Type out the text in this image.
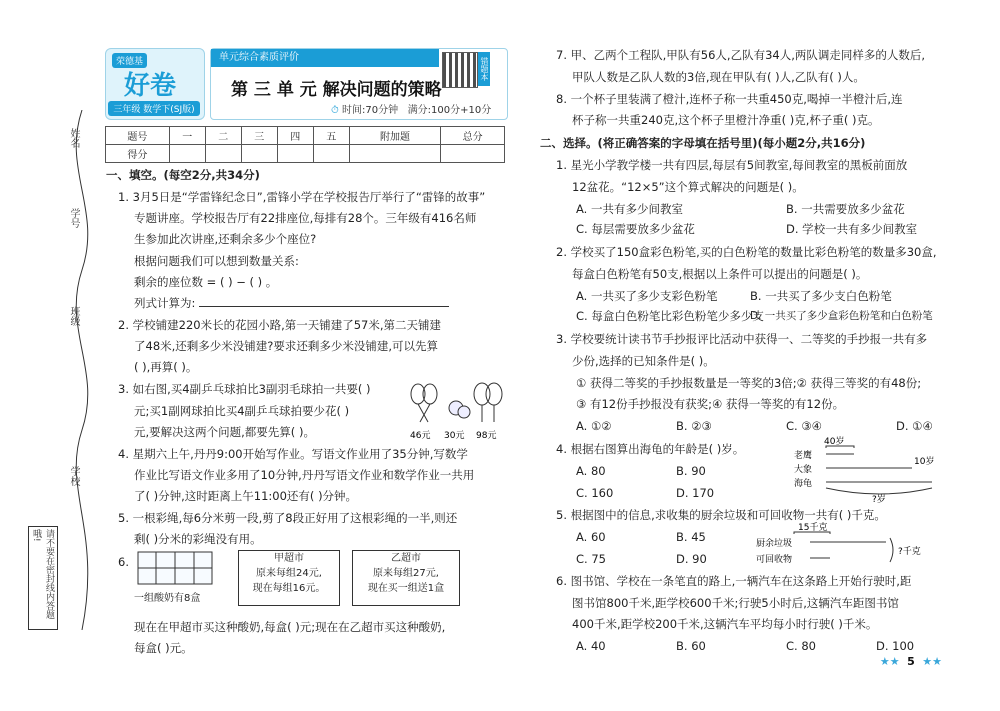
姓名
学号
班级
学校
请不要在密封线内答题哦!
荣德基
好卷
三年级 数学下(SJ版)
单元综合素质评价
第 三 单 元 解决问题的策略
⏱ 时间:70分钟 满分:100分+10分
错题本
题号	一	二	三	四	五	附加题	总分
得分							
一、填空。(每空2分,共34分)
1. 3月5日是“学雷锋纪念日”,雷锋小学在学校报告厅举行了“雷锋的故事”
专题讲座。学校报告厅有22排座位,每排有28个。三年级有416名师
生参加此次讲座,还剩余多少个座位?
根据问题我们可以想到数量关系:
剩余的座位数 = ( ) − ( ) 。
列式计算为:
2. 学校铺建220米长的花园小路,第一天铺建了57米,第二天铺建
了48米,还剩多少米没铺建?要求还剩多少米没铺建,可以先算
( ),再算( )。
3. 如右图,买4副乒乓球拍比3副羽毛球拍一共要( )
元;买1副网球拍比买4副乒乓球拍要少花( )
元,要解决这两个问题,都要先算( )。	46元 30元 98元
4. 星期六上午,丹丹9:00开始写作业。写语文作业用了35分钟,写数学
作业比写语文作业多用了10分钟,丹丹写语文作业和数学作业一共用
了( )分钟,这时距离上午11:00还有( )分钟。
5. 一根彩绳,每6分米剪一段,剪了8段正好用了这根彩绳的一半,则还
剩( )分米的彩绳没有用。
6.
一组酸奶有8盒
甲超市
原来每组24元,
现在每组16元。
乙超市
原来每组27元,
现在买一组送1盒
现在在甲超市买这种酸奶,每盒( )元;现在在乙超市买这种酸奶,
每盒( )元。
7. 甲、乙两个工程队,甲队有56人,乙队有34人,两队调走同样多的人数后,
甲队人数是乙队人数的3倍,现在甲队有( )人,乙队有( )人。
8. 一个杯子里装满了橙汁,连杯子称一共重450克,喝掉一半橙汁后,连
杯子称一共重240克,这个杯子里橙汁净重( )克,杯子重( )克。
二、选择。(将正确答案的字母填在括号里)(每小题2分,共16分)
1. 星光小学教学楼一共有四层,每层有5间教室,每间教室的黑板前面放
12盆花。“12×5”这个算式解决的问题是( )。
A. 一共有多少间教室	B. 一共需要放多少盆花
C. 每层需要放多少盆花	D. 学校一共有多少间教室
2. 学校买了150盒彩色粉笔,买的白色粉笔的数量比彩色粉笔的数量多30盒,
每盒白色粉笔有50支,根据以上条件可以提出的问题是( )。
A. 一共买了多少支彩色粉笔	B. 一共买了多少支白色粉笔
C. 每盒白色粉笔比彩色粉笔少多少支
D. 一共买了多少盒彩色粉笔和白色粉笔
3. 学校要统计读书节手抄报评比活动中获得一、二等奖的手抄报一共有多
少份,选择的已知条件是( )。
① 获得二等奖的手抄报数量是一等奖的3倍;② 获得三等奖的有48份;
③ 有12份手抄报没有获奖;④ 获得一等奖的有12份。
A. ①②	B. ②③	C. ③④	D. ①④
4. 根据右图算出海龟的年龄是( )岁。
A. 80	B. 90
C. 160	D. 170
40岁
老鹰
大象
海龟
10岁
?岁
5. 根据图中的信息,求收集的厨余垃圾和可回收物一共有( )千克。
A. 60	B. 45
C. 75	D. 90
15千克
厨余垃圾
可回收物
?千克
6. 图书馆、学校在一条笔直的路上,一辆汽车在这条路上开始行驶时,距
图书馆800千米,距学校600千米;行驶5小时后,这辆汽车距图书馆
400千米,距学校200千米,这辆汽车平均每小时行驶( )千米。
A. 40	B. 60	C. 80	D. 100
★★ 5 ★★
